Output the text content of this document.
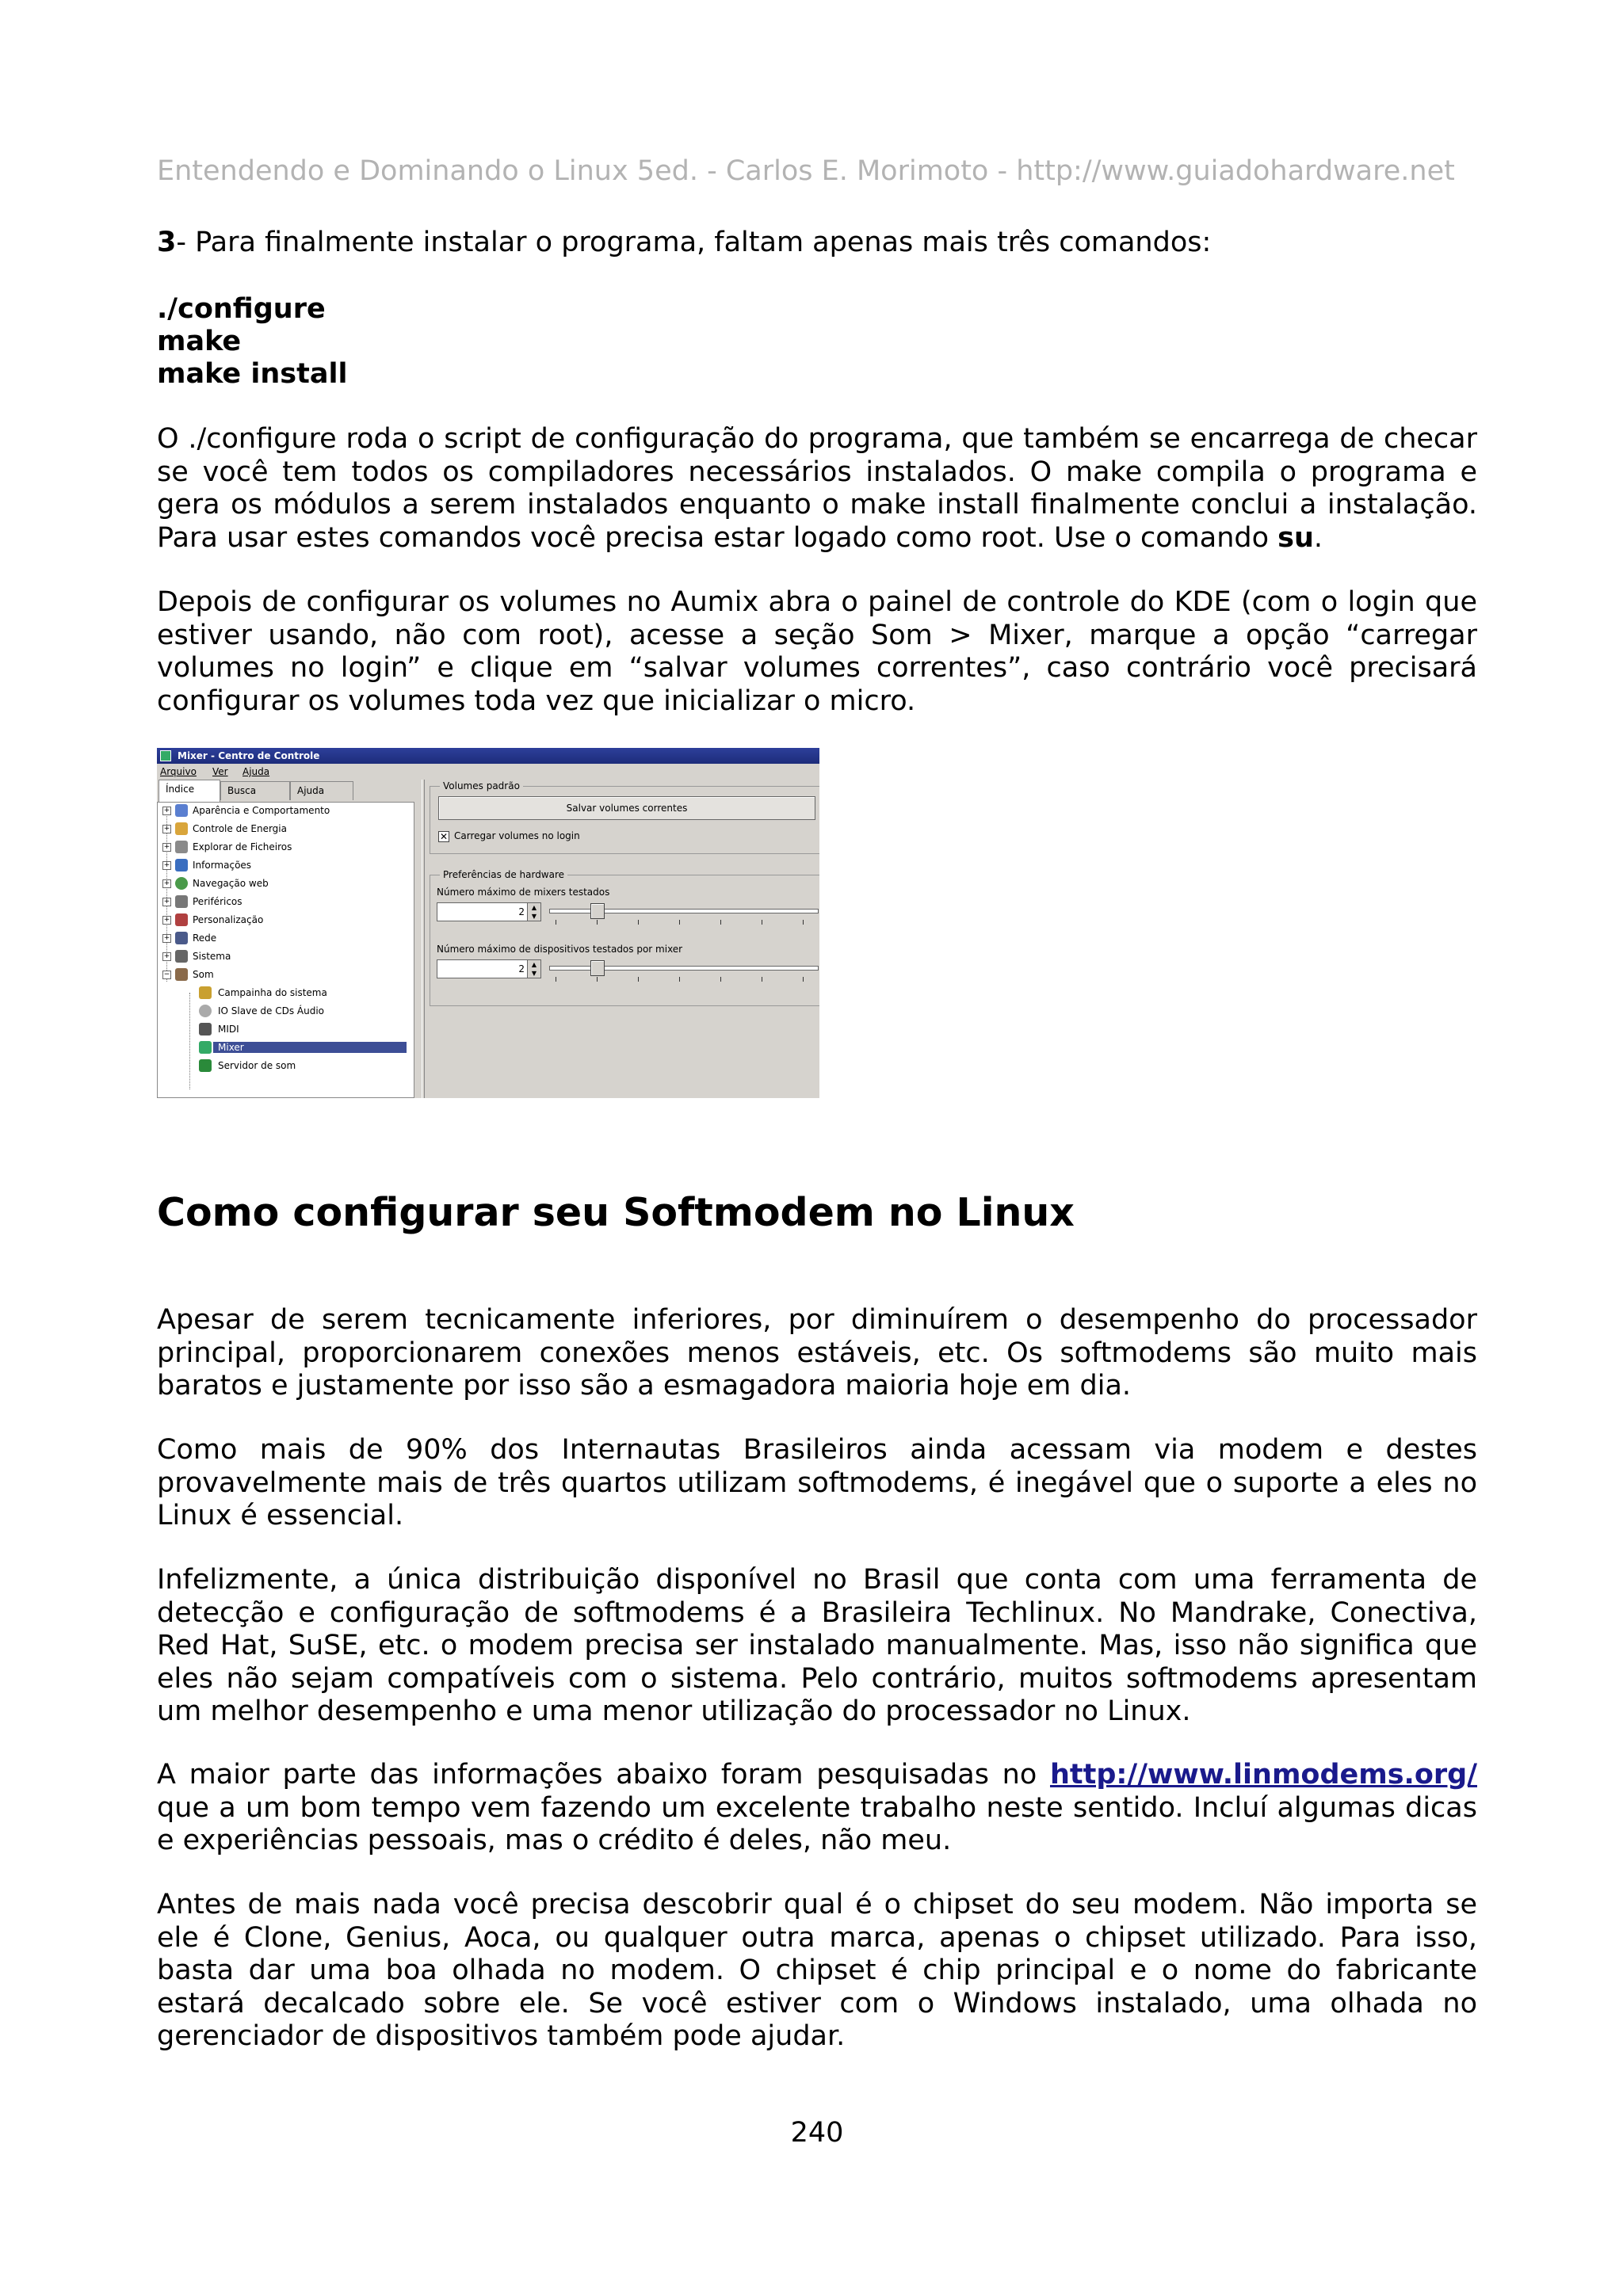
Entendendo e Dominando o Linux 5ed. - Carlos E. Morimoto - http://www.guiadohardware.net

3- Para finalmente instalar o programa, faltam apenas mais três comandos:

./configure
make
make install

O ./configure roda o script de configuração do programa, que também se encarrega de checar se você tem todos os compiladores necessários instalados. O make compila o programa e gera os módulos a serem instalados enquanto o make install finalmente conclui a instalação. Para usar estes comandos você precisa estar logado como root. Use o comando su.

Depois de configurar os volumes no Aumix abra o painel de controle do KDE (com o login que estiver usando, não com root), acesse a seção Som > Mixer, marque a opção “carregar volumes no login” e clique em “salvar volumes correntes”, caso contrário você precisará configurar os volumes toda vez que inicializar o micro.

Mixer - Centro de Controle
Arquivo Ver Ajuda
Índice	Busca	Ajuda
+ Aparência e Comportamento
+ Controle de Energia
+ Explorar de Ficheiros
+ Informações
+ Navegação web
+ Periféricos
+ Personalização
+ Rede
+ Sistema
− Som
Campainha do sistema
IO Slave de CDs Áudio
MIDI
Mixer
Servidor de som
Volumes padrão
Salvar volumes correntes
✕ Carregar volumes no login
Preferências de hardware
Número máximo de mixers testados
2	▲
▼
Número máximo de dispositivos testados por mixer
2	▲
▼
Como configurar seu Softmodem no Linux

Apesar de serem tecnicamente inferiores, por diminuírem o desempenho do processador principal, proporcionarem conexões menos estáveis, etc. Os softmodems são muito mais baratos e justamente por isso são a esmagadora maioria hoje em dia.

Como mais de 90% dos Internautas Brasileiros ainda acessam via modem e destes provavelmente mais de três quartos utilizam softmodems, é inegável que o suporte a eles no Linux é essencial.

Infelizmente, a única distribuição disponível no Brasil que conta com uma ferramenta de detecção e configuração de softmodems é a Brasileira Techlinux. No Mandrake, Conectiva, Red Hat, SuSE, etc. o modem precisa ser instalado manualmente. Mas, isso não significa que eles não sejam compatíveis com o sistema. Pelo contrário, muitos softmodems apresentam um melhor desempenho e uma menor utilização do processador no Linux.

A maior parte das informações abaixo foram pesquisadas no http://www.linmodems.org/ que a um bom tempo vem fazendo um excelente trabalho neste sentido. Incluí algumas dicas e experiências pessoais, mas o crédito é deles, não meu.

Antes de mais nada você precisa descobrir qual é o chipset do seu modem. Não importa se ele é Clone, Genius, Aoca, ou qualquer outra marca, apenas o chipset utilizado. Para isso, basta dar uma boa olhada no modem. O chipset é chip principal e o nome do fabricante estará decalcado sobre ele. Se você estiver com o Windows instalado, uma olhada no gerenciador de dispositivos também pode ajudar.

240
